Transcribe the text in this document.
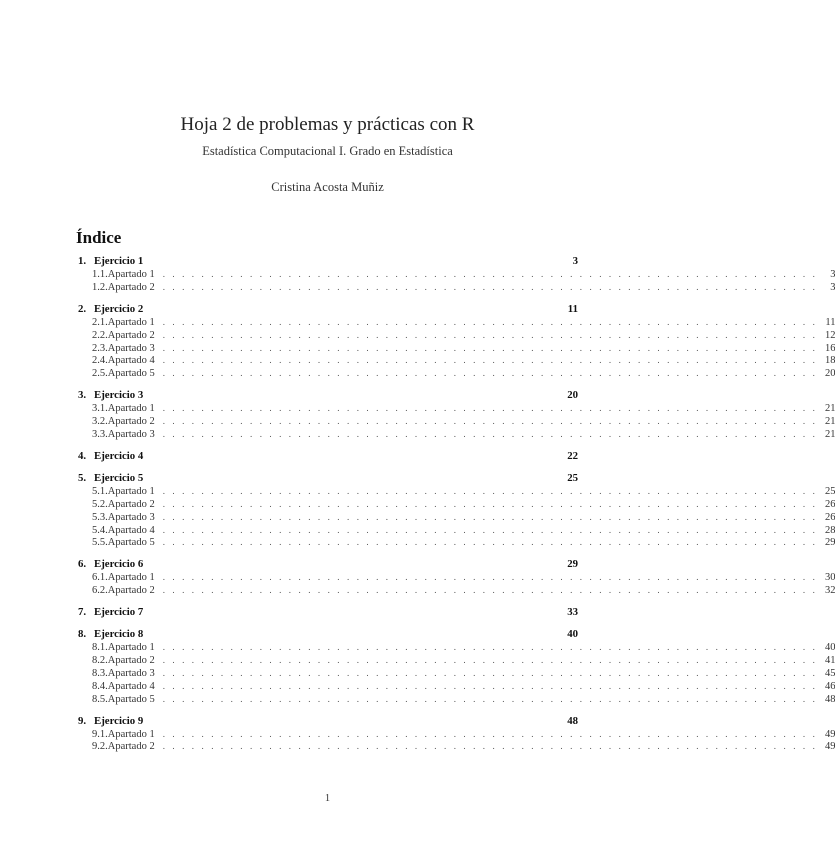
Hoja 2 de problemas y prácticas con R
Estadística Computacional I. Grado en Estadística
Cristina Acosta Muñiz
Índice
1. Ejercicio 1	3
1.1. Apartado 1 . . . . . . . . . . . . . . . . . . . . . . . . . . . . . . . . . . . . . . . . . . . . . . . . . . . . . . . . . . . . . . . . . . . .	3
1.2. Apartado 2 . . . . . . . . . . . . . . . . . . . . . . . . . . . . . . . . . . . . . . . . . . . . . . . . . . . . . . . . . . . . . . . . . . . .	3
2. Ejercicio 2	11
2.1. Apartado 1 . . . . . . . . . . . . . . . . . . . . . . . . . . . . . . . . . . . . . . . . . . . . . . . . . . . . . . . . . . . . . . . . . . . . 11
2.2. Apartado 2 . . . . . . . . . . . . . . . . . . . . . . . . . . . . . . . . . . . . . . . . . . . . . . . . . . . . . . . . . . . . . . . . . . . . 12
2.3. Apartado 3 . . . . . . . . . . . . . . . . . . . . . . . . . . . . . . . . . . . . . . . . . . . . . . . . . . . . . . . . . . . . . . . . . . . . 16
2.4. Apartado 4 . . . . . . . . . . . . . . . . . . . . . . . . . . . . . . . . . . . . . . . . . . . . . . . . . . . . . . . . . . . . . . . . . . . . 18
2.5. Apartado 5 . . . . . . . . . . . . . . . . . . . . . . . . . . . . . . . . . . . . . . . . . . . . . . . . . . . . . . . . . . . . . . . . . . . . 20
3. Ejercicio 3	20
3.1. Apartado 1 . . . . . . . . . . . . . . . . . . . . . . . . . . . . . . . . . . . . . . . . . . . . . . . . . . . . . . . . . . . . . . . . . . . . 21
3.2. Apartado 2 . . . . . . . . . . . . . . . . . . . . . . . . . . . . . . . . . . . . . . . . . . . . . . . . . . . . . . . . . . . . . . . . . . . . 21
3.3. Apartado 3 . . . . . . . . . . . . . . . . . . . . . . . . . . . . . . . . . . . . . . . . . . . . . . . . . . . . . . . . . . . . . . . . . . . . 21
4. Ejercicio 4	22
5. Ejercicio 5	25
5.1. Apartado 1 . . . . . . . . . . . . . . . . . . . . . . . . . . . . . . . . . . . . . . . . . . . . . . . . . . . . . . . . . . . . . . . . . . . . 25
5.2. Apartado 2 . . . . . . . . . . . . . . . . . . . . . . . . . . . . . . . . . . . . . . . . . . . . . . . . . . . . . . . . . . . . . . . . . . . . 26
5.3. Apartado 3 . . . . . . . . . . . . . . . . . . . . . . . . . . . . . . . . . . . . . . . . . . . . . . . . . . . . . . . . . . . . . . . . . . . . 26
5.4. Apartado 4 . . . . . . . . . . . . . . . . . . . . . . . . . . . . . . . . . . . . . . . . . . . . . . . . . . . . . . . . . . . . . . . . . . . . 28
5.5. Apartado 5 . . . . . . . . . . . . . . . . . . . . . . . . . . . . . . . . . . . . . . . . . . . . . . . . . . . . . . . . . . . . . . . . . . . . 29
6. Ejercicio 6	29
6.1. Apartado 1 . . . . . . . . . . . . . . . . . . . . . . . . . . . . . . . . . . . . . . . . . . . . . . . . . . . . . . . . . . . . . . . . . . . . 30
6.2. Apartado 2 . . . . . . . . . . . . . . . . . . . . . . . . . . . . . . . . . . . . . . . . . . . . . . . . . . . . . . . . . . . . . . . . . . . . 32
7. Ejercicio 7	33
8. Ejercicio 8	40
8.1. Apartado 1 . . . . . . . . . . . . . . . . . . . . . . . . . . . . . . . . . . . . . . . . . . . . . . . . . . . . . . . . . . . . . . . . . . . . 40
8.2. Apartado 2 . . . . . . . . . . . . . . . . . . . . . . . . . . . . . . . . . . . . . . . . . . . . . . . . . . . . . . . . . . . . . . . . . . . . 41
8.3. Apartado 3 . . . . . . . . . . . . . . . . . . . . . . . . . . . . . . . . . . . . . . . . . . . . . . . . . . . . . . . . . . . . . . . . . . . . 45
8.4. Apartado 4 . . . . . . . . . . . . . . . . . . . . . . . . . . . . . . . . . . . . . . . . . . . . . . . . . . . . . . . . . . . . . . . . . . . . 46
8.5. Apartado 5 . . . . . . . . . . . . . . . . . . . . . . . . . . . . . . . . . . . . . . . . . . . . . . . . . . . . . . . . . . . . . . . . . . . . 48
9. Ejercicio 9	48
9.1. Apartado 1 . . . . . . . . . . . . . . . . . . . . . . . . . . . . . . . . . . . . . . . . . . . . . . . . . . . . . . . . . . . . . . . . . . . . 49
9.2. Apartado 2 . . . . . . . . . . . . . . . . . . . . . . . . . . . . . . . . . . . . . . . . . . . . . . . . . . . . . . . . . . . . . . . . . . . . 49
1
